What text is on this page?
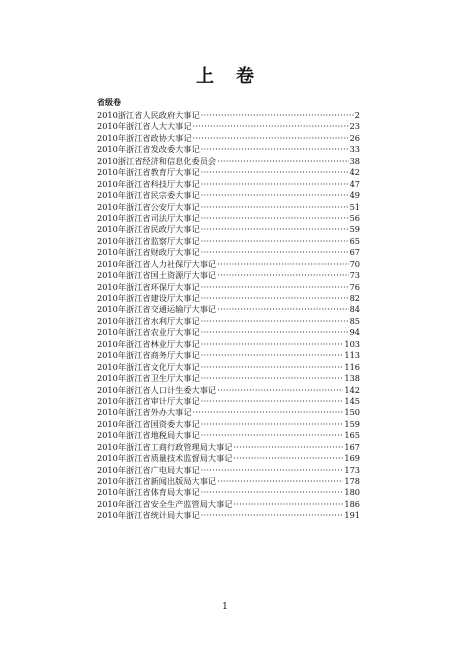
上卷
省级卷
2010浙江省人民政府大事记 ·····	2
2010年浙江省人大大事记 ·····	23
2010年浙江省政协大事记 ·····	26
2010年浙江省发改委大事记 ·····	33
2010浙江省经济和信息化委员会 ·····	38
2010年浙江省教育厅大事记 ·····	42
2010年浙江省科技厅大事记 ·····	47
2010年浙江省民宗委大事记 ·····	49
2010年浙江省公安厅大事记 ·····	51
2010年浙江省司法厅大事记 ·····	56
2010年浙江省民政厅大事记 ·····	59
2010年浙江省监察厅大事记 ·····	65
2010年浙江省财政厅大事记 ·····	67
2010年浙江省人力社保厅大事记 ·····	70
2010年浙江省国土资源厅大事记 ·····	73
2010年浙江省环保厅大事记 ·····	76
2010年浙江省建设厅大事记 ·····	82
2010年浙江省交通运输厅大事记 ·····	84
2010年浙江省水利厅大事记 ·····	85
2010年浙江省农业厅大事记 ·····	94
2010年浙江省林业厅大事记 ·····	103
2010年浙江省商务厅大事记 ·····	113
2010年浙江省文化厅大事记 ·····	116
2010年浙江省卫生厅大事记 ·····	138
2010年浙江省人口计生委大事记 ·····	142
2010年浙江省审计厅大事记 ·····	145
2010年浙江省外办大事记 ·····	150
2010年浙江省国资委大事记 ·····	159
2010年浙江省地税局大事记 ·····	165
2010年浙江省工商行政管理局大事记 ·····	167
2010年浙江省质量技术监督局大事记 ·····	169
2010年浙江省广电局大事记 ·····	173
2010年浙江省新闻出版局大事记 ·····	178
2010年浙江省体育局大事记 ·····	180
2010年浙江省安全生产监管局大事记 ·····	186
2010年浙江省统计局大事记 ·····	191
1
